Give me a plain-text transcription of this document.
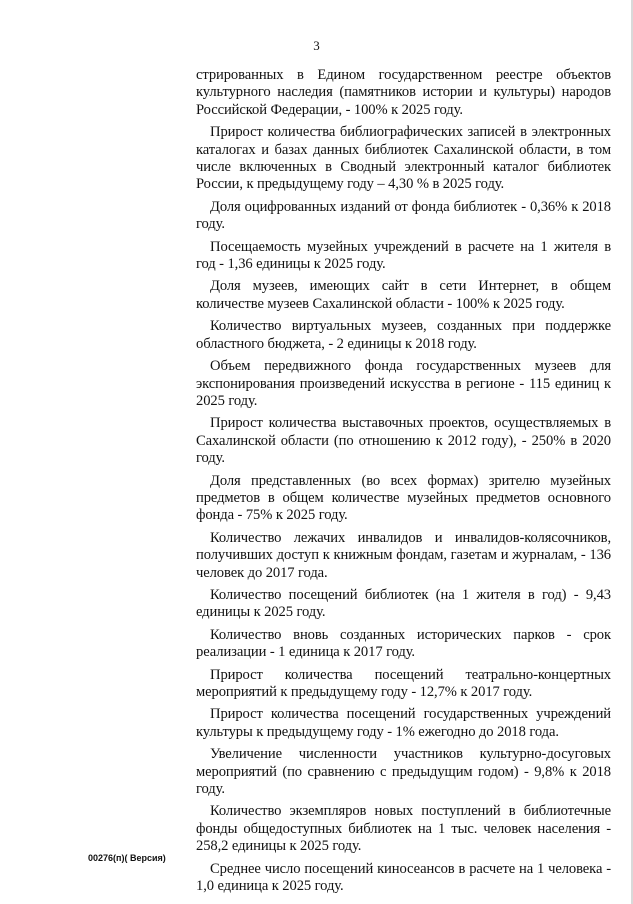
3

стрированных в Едином государственном реестре объектов культурного наследия (памятников истории и культуры) народов Российской Федерации, - 100% к 2025 году.

Прирост количества библиографических записей в электронных каталогах и базах данных библиотек Сахалинской области, в том числе включенных в Сводный электронный каталог библиотек России, к предыдущему году – 4,30 % в 2025 году.

Доля оцифрованных изданий от фонда библиотек - 0,36% к 2018 году.

Посещаемость музейных учреждений в расчете на 1 жителя в год - 1,36 единицы к 2025 году.

Доля музеев, имеющих сайт в сети Интернет, в общем количестве музеев Сахалинской области - 100% к 2025 году.

Количество виртуальных музеев, созданных при поддержке областного бюджета, - 2 единицы к 2018 году.

Объем передвижного фонда государственных музеев для экспонирования произведений искусства в регионе - 115 единиц к 2025 году.

Прирост количества выставочных проектов, осуществляемых в Сахалинской области (по отношению к 2012 году), - 250% в 2020 году.

Доля представленных (во всех формах) зрителю музейных предметов в общем количестве музейных предметов основного фонда - 75% к 2025 году.

Количество лежачих инвалидов и инвалидов-колясочников, получивших доступ к книжным фондам, газетам и журналам, - 136 человек до 2017 года.

Количество посещений библиотек (на 1 жителя в год) - 9,43 единицы к 2025 году.

Количество вновь созданных исторических парков - срок реализации - 1 единица к 2017 году.

Прирост количества посещений театрально-концертных мероприятий к предыдущему году - 12,7% к 2017 году.

Прирост количества посещений государственных учреждений культуры к предыдущему году - 1% ежегодно до 2018 года.

Увеличение численности участников культурно-досуговых мероприятий (по сравнению с предыдущим годом) - 9,8% к 2018 году.

Количество экземпляров новых поступлений в библиотечные фонды общедоступных библиотек на 1 тыс. человек населения - 258,2 единицы к 2025 году.

Среднее число посещений киносеансов в расчете на 1 человека - 1,0 единица к 2025 году.

00276(п)( Версия)
